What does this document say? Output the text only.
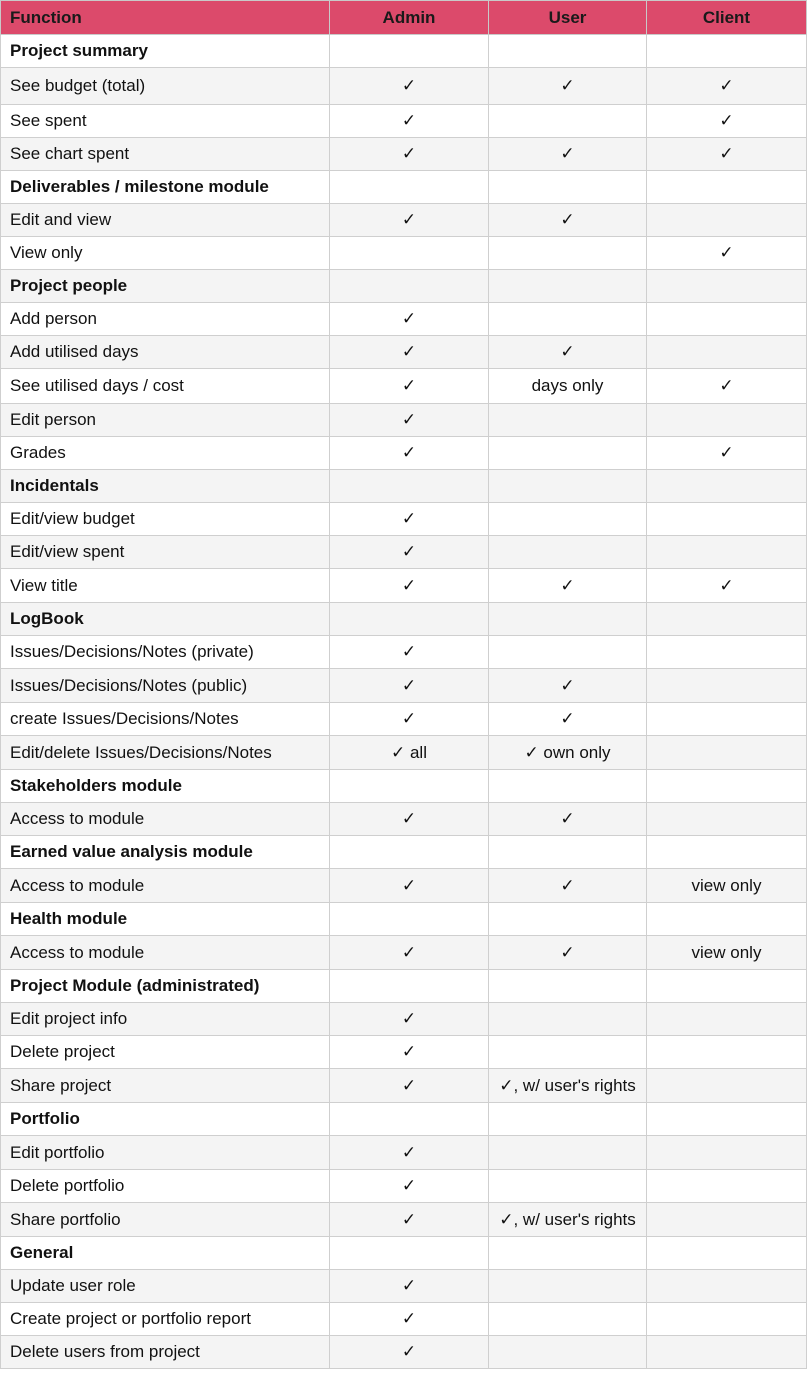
Function	Admin	User	Client
Project summary			
See budget (total)	✓	✓	✓
See spent	✓		✓
See chart spent	✓	✓	✓
Deliverables / milestone module			
Edit and view	✓	✓	
View only			✓
Project people			
Add person	✓		
Add utilised days	✓	✓	
See utilised days / cost	✓	days only	✓
Edit person	✓		
Grades	✓		✓
Incidentals			
Edit/view budget	✓		
Edit/view spent	✓		
View title	✓	✓	✓
LogBook			
Issues/Decisions/Notes (private)	✓		
Issues/Decisions/Notes (public)	✓	✓	
create Issues/Decisions/Notes	✓	✓	
Edit/delete Issues/Decisions/Notes	✓ all	✓ own only	
Stakeholders module			
Access to module	✓	✓	
Earned value analysis module			
Access to module	✓	✓	view only
Health module			
Access to module	✓	✓	view only
Project Module (administrated)			
Edit project info	✓		
Delete project	✓		
Share project	✓	✓, w/ user's rights	
Portfolio			
Edit portfolio	✓		
Delete portfolio	✓		
Share portfolio	✓	✓, w/ user's rights	
General			
Update user role	✓		
Create project or portfolio report	✓		
Delete users from project	✓		
